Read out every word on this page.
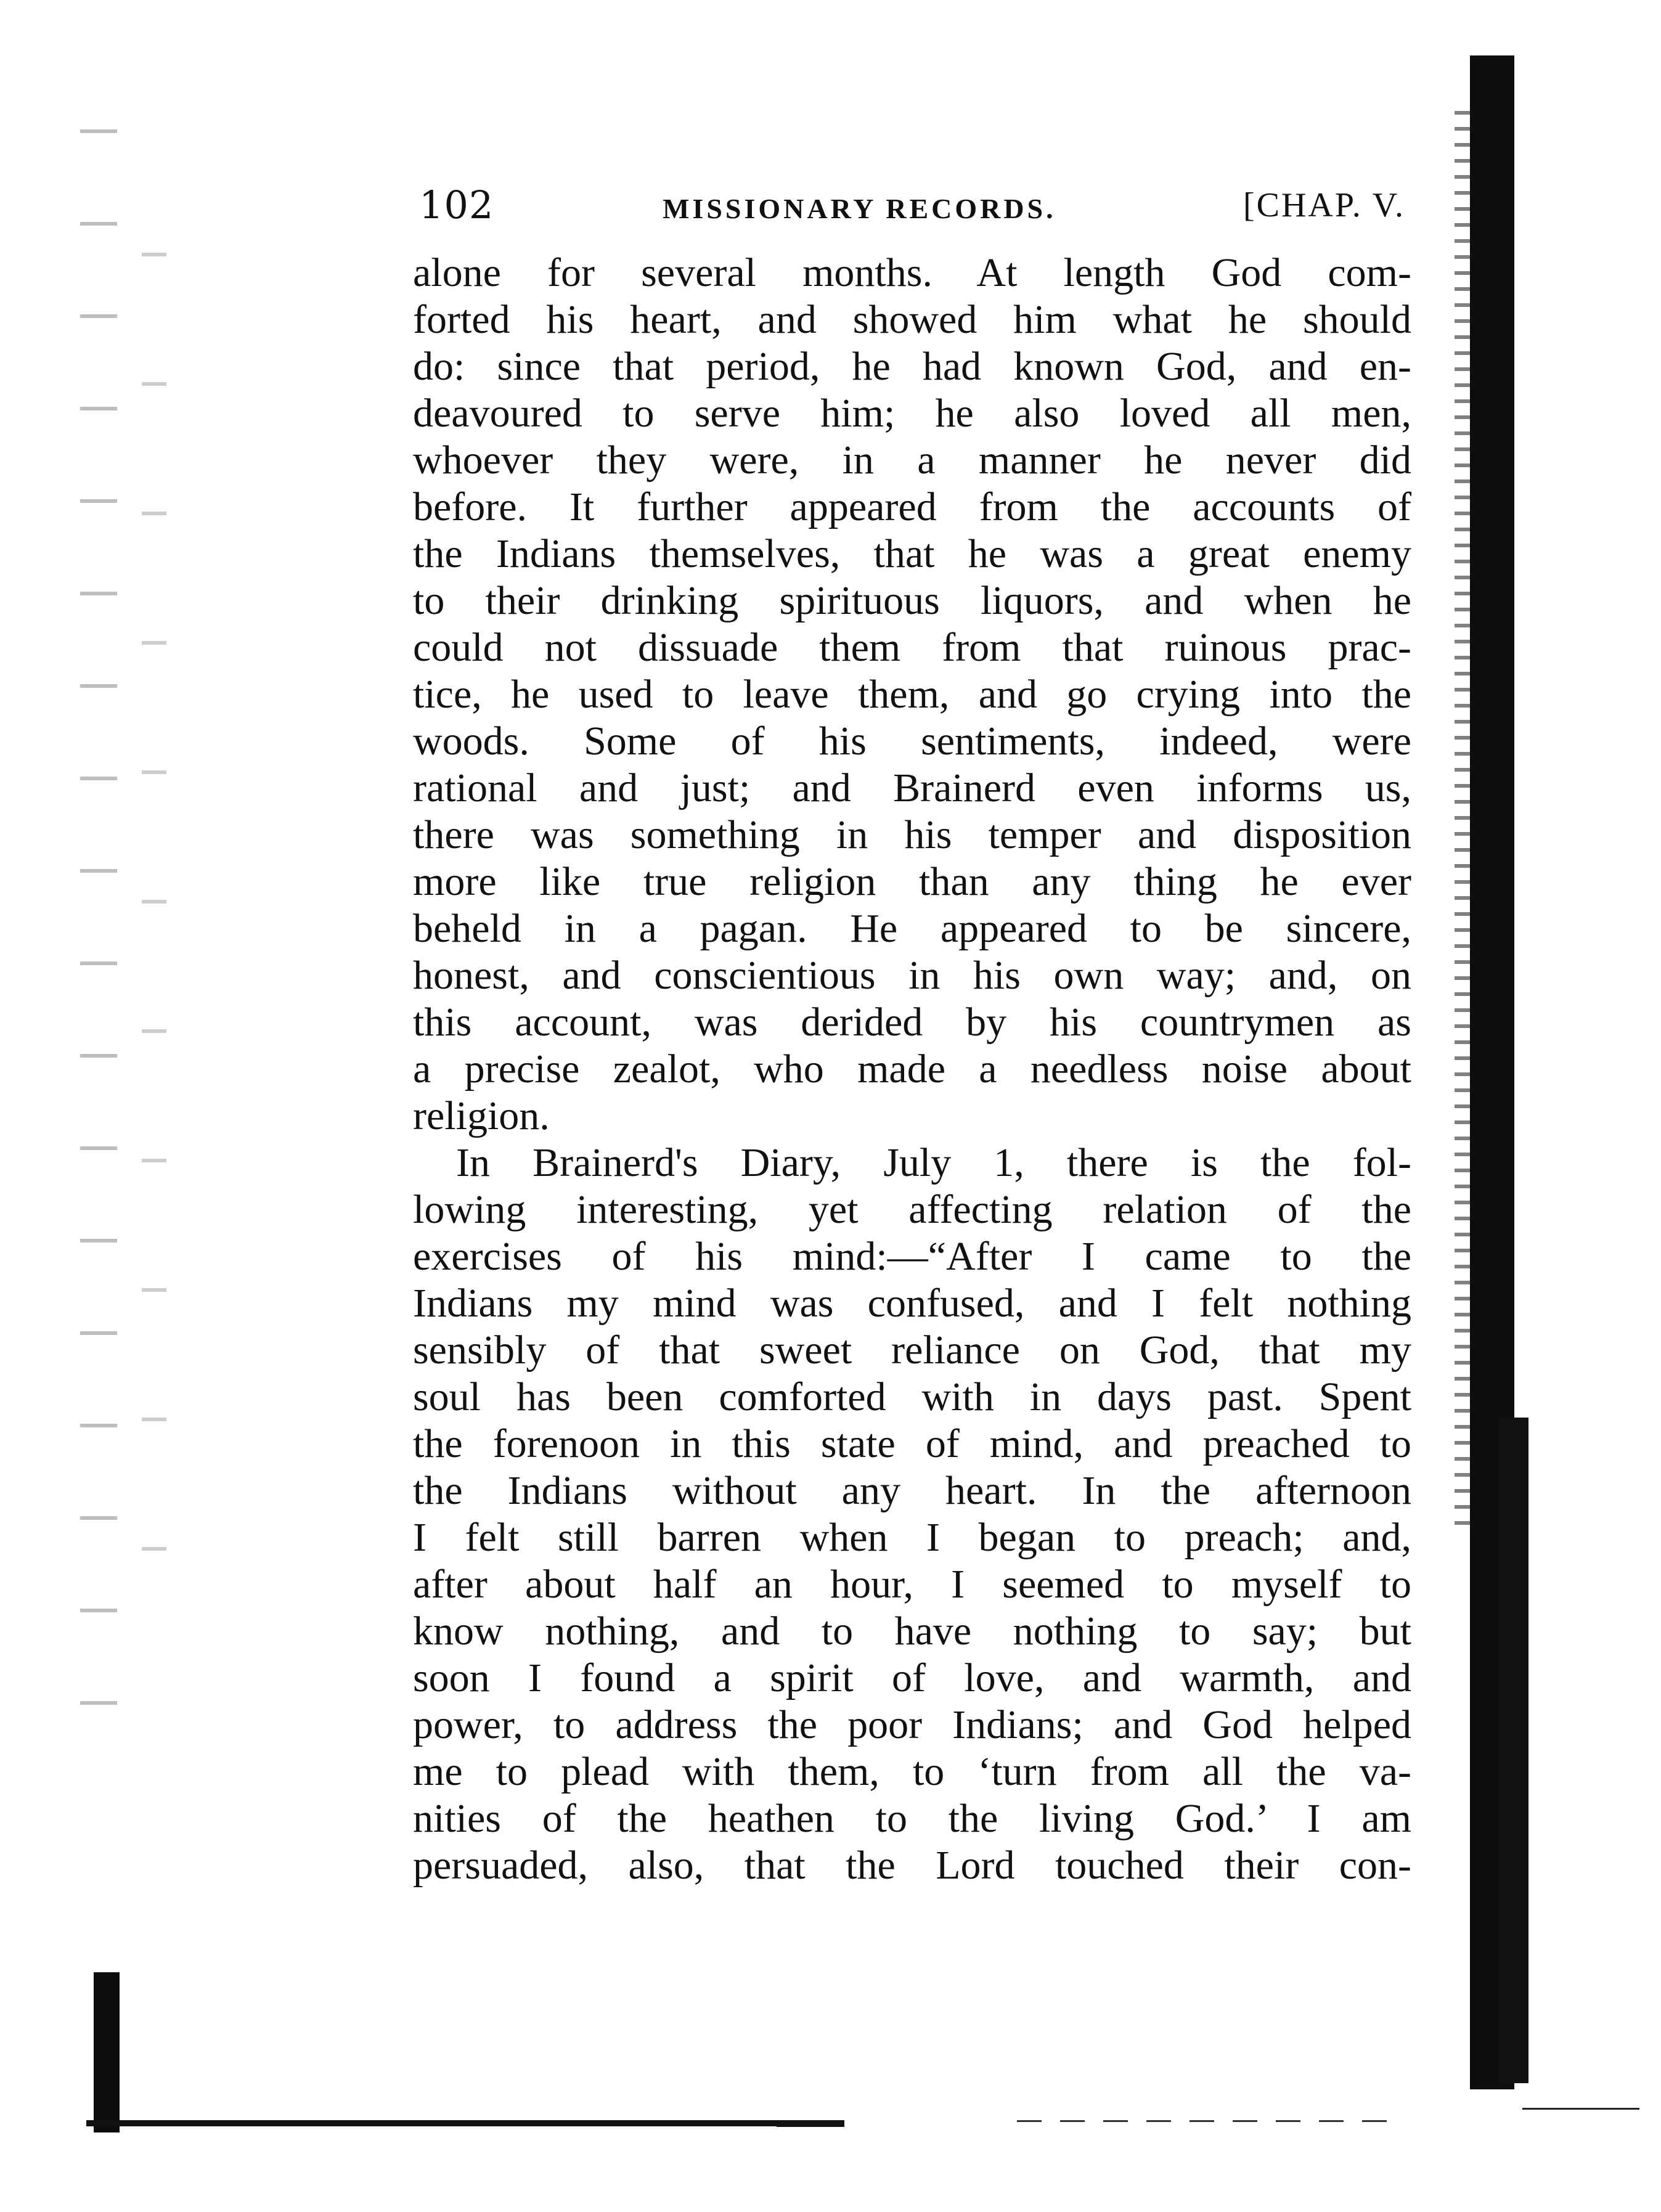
102	MISSIONARY RECORDS.	[CHAP. V.
alone for several months. At length God com-
forted his heart, and showed him what he should
do: since that period, he had known God, and en-
deavoured to serve him; he also loved all men,
whoever they were, in a manner he never did
before. It further appeared from the accounts of
the Indians themselves, that he was a great enemy
to their drinking spirituous liquors, and when he
could not dissuade them from that ruinous prac-
tice, he used to leave them, and go crying into the
woods. Some of his sentiments, indeed, were
rational and just; and Brainerd even informs us,
there was something in his temper and disposition
more like true religion than any thing he ever
beheld in a pagan. He appeared to be sincere,
honest, and conscientious in his own way; and, on
this account, was derided by his countrymen as
a precise zealot, who made a needless noise about
religion.
In Brainerd's Diary, July 1, there is the fol-
lowing interesting, yet affecting relation of the
exercises of his mind:—“After I came to the
Indians my mind was confused, and I felt nothing
sensibly of that sweet reliance on God, that my
soul has been comforted with in days past. Spent
the forenoon in this state of mind, and preached to
the Indians without any heart. In the afternoon
I felt still barren when I began to preach; and,
after about half an hour, I seemed to myself to
know nothing, and to have nothing to say; but
soon I found a spirit of love, and warmth, and
power, to address the poor Indians; and God helped
me to plead with them, to ‘turn from all the va-
nities of the heathen to the living God.’ I am
persuaded, also, that the Lord touched their con-
